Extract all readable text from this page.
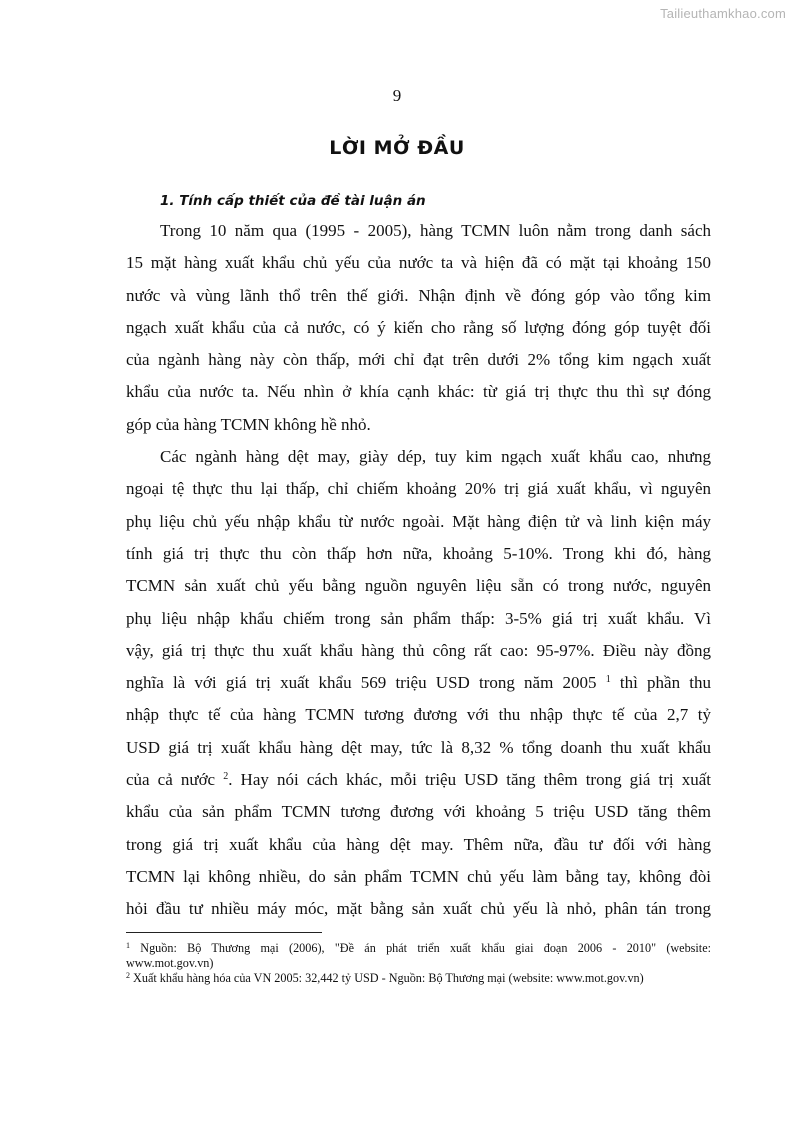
Tailieuthamkhao.com
9
LỜI MỞ ĐẦU
1. Tính cấp thiết của đề tài luận án
Trong 10 năm qua (1995 - 2005), hàng TCMN luôn nằm trong danh sách
15 mặt hàng xuất khẩu chủ yếu của nước ta và hiện đã có mặt tại khoảng 150
nước và vùng lãnh thổ trên thế giới. Nhận định về đóng góp vào tổng kim
ngạch xuất khẩu của cả nước, có ý kiến cho rằng số lượng đóng góp tuyệt đối
của ngành hàng này còn thấp, mới chỉ đạt trên dưới 2% tổng kim ngạch xuất
khẩu của nước ta. Nếu nhìn ở khía cạnh khác: từ giá trị thực thu thì sự đóng
góp của hàng TCMN không hề nhỏ.
Các ngành hàng dệt may, giày dép, tuy kim ngạch xuất khẩu cao, nhưng
ngoại tệ thực thu lại thấp, chỉ chiếm khoảng 20% trị giá xuất khẩu, vì nguyên
phụ liệu chủ yếu nhập khẩu từ nước ngoài. Mặt hàng điện tử và linh kiện máy
tính giá trị thực thu còn thấp hơn nữa, khoảng 5-10%. Trong khi đó, hàng
TCMN sản xuất chủ yếu bằng nguồn nguyên liệu sẵn có trong nước, nguyên
phụ liệu nhập khẩu chiếm trong sản phẩm thấp: 3-5% giá trị xuất khẩu. Vì
vậy, giá trị thực thu xuất khẩu hàng thủ công rất cao: 95-97%. Điều này đồng
nghĩa là với giá trị xuất khẩu 569 triệu USD trong năm 2005 $^1$ thì phần thu
nhập thực tế của hàng TCMN tương đương với thu nhập thực tế của 2,7 tỷ
USD giá trị xuất khẩu hàng dệt may, tức là 8,32 % tổng doanh thu xuất khẩu
của cả nước $^2$. Hay nói cách khác, mỗi triệu USD tăng thêm trong giá trị xuất
khẩu của sản phẩm TCMN tương đương với khoảng 5 triệu USD tăng thêm
trong giá trị xuất khẩu của hàng dệt may. Thêm nữa, đầu tư đối với hàng
TCMN lại không nhiều, do sản phẩm TCMN chủ yếu làm bằng tay, không đòi
hỏi đầu tư nhiều máy móc, mặt bằng sản xuất chủ yếu là nhỏ, phân tán trong
$^1$ Nguồn: Bộ Thương mại (2006), "Đề án phát triển xuất khẩu giai đoạn 2006 - 2010" (website:
www.mot.gov.vn)
$^2$ Xuất khẩu hàng hóa của VN 2005: 32,442 tỷ USD - Nguồn: Bộ Thương mại (website: www.mot.gov.vn)
